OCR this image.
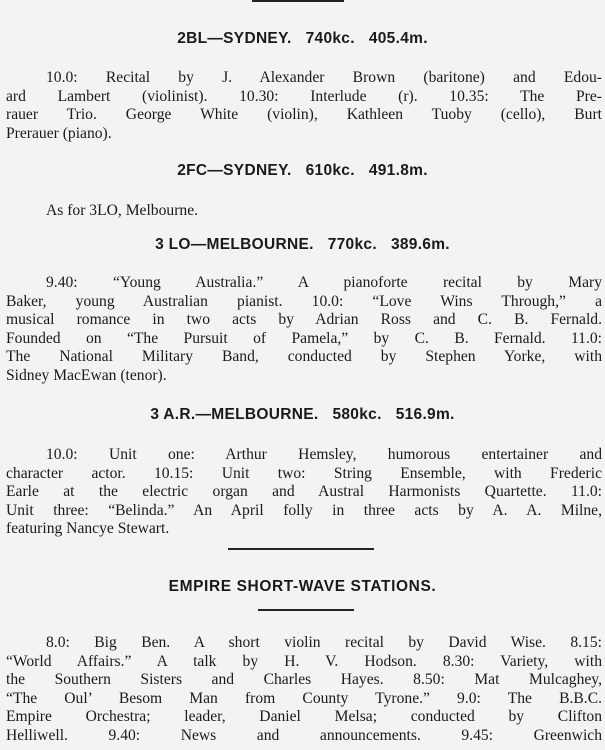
2BL—SYDNEY. 740kc. 405.4m.
10.0: Recital by J. Alexander Brown (baritone) and Edou-
ard Lambert (violinist). 10.30: Interlude (r). 10.35: The Pre-
rauer Trio. George White (violin), Kathleen Tuoby (cello), Burt
Prerauer (piano).
2FC—SYDNEY. 610kc. 491.8m.
As for 3LO, Melbourne.
3 LO—MELBOURNE. 770kc. 389.6m.
9.40: “Young Australia.” A pianoforte recital by Mary
Baker, young Australian pianist. 10.0: “Love Wins Through,” a
musical romance in two acts by Adrian Ross and C. B. Fernald.
Founded on “The Pursuit of Pamela,” by C. B. Fernald. 11.0:
The National Military Band, conducted by Stephen Yorke, with
Sidney MacEwan (tenor).
3 A.R.—MELBOURNE. 580kc. 516.9m.
10.0: Unit one: Arthur Hemsley, humorous entertainer and
character actor. 10.15: Unit two: String Ensemble, with Frederic
Earle at the electric organ and Austral Harmonists Quartette. 11.0:
Unit three: “Belinda.” An April folly in three acts by A. A. Milne,
featuring Nancye Stewart.
EMPIRE SHORT-WAVE STATIONS.
8.0: Big Ben. A short violin recital by David Wise. 8.15:
“World Affairs.” A talk by H. V. Hodson. 8.30: Variety, with
the Southern Sisters and Charles Hayes. 8.50: Mat Mulcaghey,
“The Oul’ Besom Man from County Tyrone.” 9.0: The B.B.C.
Empire Orchestra; leader, Daniel Melsa; conducted by Clifton
Helliwell. 9.40: News and announcements. 9.45: Greenwich
